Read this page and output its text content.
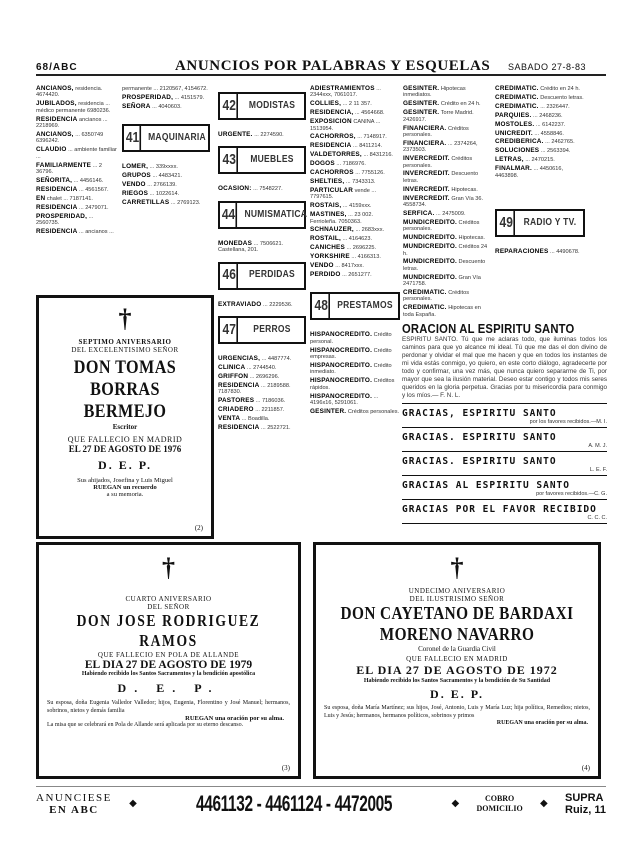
68/ABC	ANUNCIOS POR PALABRAS Y ESQUELAS SABADO 27-8-83
ANCIANOS, residencia. 4674420.
JUBILADOS, residencia ... médico permanente 6980236.
RESIDENCIA ancianos ... 2218969.
ANCIANOS, ... 6350749 6396242.
CLAUDIO ... ambiente familiar ...
FAMILIARMENTE ... 2 36796.
SEÑORITA, ... 4456146.
RESIDENCIA ... 4561567.
EN chalet ... 7187141.
RESIDENCIA ... 2479071.
PROSPERIDAD, ... 2560735.
RESIDENCIA ... ancianos ...
permanente ... 2120567, 4154672.
PROSPERIDAD, ... 4151579.
SEÑORA ... 4040603.
41 MAQUINARIA
LOMER, ... 339xxxx.
GRUPOS ... 4483421.
VENDO ... 2766139.
RIEGOS ... 1022614.
CARRETILLAS ... 2769123.
42	MODISTAS
URGENTE. ... 2274590.
43	MUEBLES
OCASION: ... 7548227.
44 NUMISMATICA
MONEDAS ... 7506621. Castellana, 201.
46	PERDIDAS
EXTRAVIADO ... 2229536.
47	PERROS
URGENCIAS, ... 4487774.
CLINICA ... 2744540.
GRIFFON ... 2696296.
RESIDENCIA ... 2189588. 7187830.
PASTORES ... 7186036.
CRIADERO ... 2211857.
VENTA ... Boadilla.
RESIDENCIA ... 2522721.
ADIESTRAMIENTOS ... 2344xxx, 7061017.
COLLIES, ... 2 11 357.
RESIDENCIA, ... 4564668.
EXPOSICION CANINA ... 1513954.
CACHORROS, ... 7148917.
RESIDENCIA ... 8411214.
VALDETORRES, ... 8431216.
DOGOS ... 7186976.
CACHORROS ... 7755126.
SHELTIES, ... 7343313.
PARTICULAR vende ... 7797615.
ROSTAIS, ... 4159xxx.
MASTINES, ... 23 002. Ferrioleña. 7050363.
SCHNAUZER, ... 2683xxx.
ROSTAIL, ... 4164623.
CANICHES ... 2696225.
YORKSHIRE ... 4166313.
VENDO ... 8417xxx.
PERDIDO ... 2651277.
48 PRESTAMOS
HISPANOCREDITO. Crédito personal.
HISPANOCREDITO. Crédito empresas.
HISPANOCREDITO. Crédito inmediato.
HISPANOCREDITO. Créditos rápidos.
HISPANOCREDITO. ... 4196x16, 5291061.
GESINTER. Créditos personales.
GESINTER. Hipotecas inmediatos.
GESINTER. Crédito en 24 h.
GESINTER. Torre Madrid. 2426917.
FINANCIERA. Créditos personales.
FINANCIERA. ... 2374264, 2373503.
INVERCREDIT. Créditos personales.
INVERCREDIT. Descuento letras.
INVERCREDIT. Hipotecas.
INVERCREDIT. Gran Vía 36. 4558734.
SERFICA. ... 2475009.
MUNDICREDITO. Créditos personales.
MUNDICREDITO. Hipotecas.
MUNDICREDITO. Créditos 24 h.
MUNDICREDITO. Descuento letras.
MUNDICREDITO. Gran Vía 2471758.
CREDIMATIC. Créditos personales.
CREDIMATIC. Hipotecas en toda España.
CREDIMATIC. Crédito en 24 h.
CREDIMATIC. Descuento letras.
CREDIMATIC. ... 2326447.
PARQUIES. ... 2468236.
MOSTOLES. ... 6142237.
UNICREDIT. ... 4558846.
CREDIBERICA. ... 2462765.
SOLUCIONES ... 2563394.
LETRAS, ... 2470215.
FINALMAR. ... 4450616, 4463898.
49 RADIO Y TV.
REPARACIONES ... 4490678.
ORACION AL ESPIRITU SANTO

ESPIRITU SANTO. Tú que me aclaras todo, que iluminas todos los caminos para que yo alcance mi ideal. Tú que me das el don divino de perdonar y olvidar el mal que me hacen y que en todos los instantes de mi vida estás conmigo, yo quiero, en este corto diálogo, agradecerte por todo y confirmar, una vez más, que nunca quiero separarme de Ti, por mayor que sea la ilusión material. Deseo estar contigo y todos mis seres queridos en la gloria perpetua. Gracias por tu misericordia para conmigo y los míos.— F. N. L.

GRACIAS, ESPIRITU SANTO
por los favores recibidos.—M. I.
GRACIAS. ESPIRITU SANTO
A. M. J.
GRACIAS. ESPIRITU SANTO
L. E. F.
GRACIAS AL ESPIRITU SANTO
por favores recibidos.—C. G.
GRACIAS POR EL FAVOR RECIBIDO
C. C. C.
†
SEPTIMO ANIVERSARIO
DEL EXCELENTISIMO SEÑOR
DON TOMAS BORRAS
BERMEJO
Escritor
QUE FALLECIO EN MADRID
EL 27 DE AGOSTO DE 1976
D. E. P.
Sus ahijados, Josefina y Luis Miguel
RUEGAN un recuerdo
a su memoria.
(2)
†
CUARTO ANIVERSARIO
DEL SEÑOR
DON JOSE RODRIGUEZ RAMOS
QUE FALLECIO EN POLA DE ALLANDE
EL DIA 27 DE AGOSTO DE 1979
Habiendo recibido los Santos Sacramentos y la bendición apostólica
D. E. P.
Su esposa, doña Eugenia Valledor Valledor; hijos, Eugenia, Florentino y José Manuel; hermanos, sobrinos, nietos y demás familia
RUEGAN una oración por su alma.
La misa que se celebrará en Pola de Allande será aplicada por su eterno descanso.
(3)
†
UNDECIMO ANIVERSARIO
DEL ILUSTRISIMO SEÑOR
DON CAYETANO DE BARDAXI
MORENO NAVARRO
Coronel de la Guardia Civil
QUE FALLECIO EN MADRID
EL DIA 27 DE AGOSTO DE 1972
Habiendo recibido los Santos Sacramentos y la bendición de Su Santidad
D. E. P.
Su esposa, doña María Martínez; sus hijos, José, Antonio, Luis y María Luz; hija política, Remedios; nietos, Luis y Jesús; hermanos, hermanos políticos, sobrinos y primos
RUEGAN una oración por su alma.
(4)
ANUNCIESE
EN ABC	◆	4461132 - 4461124 - 4472005	◆	COBRO
DOMICILIO ◆ SUPRA
Ruiz, 11
